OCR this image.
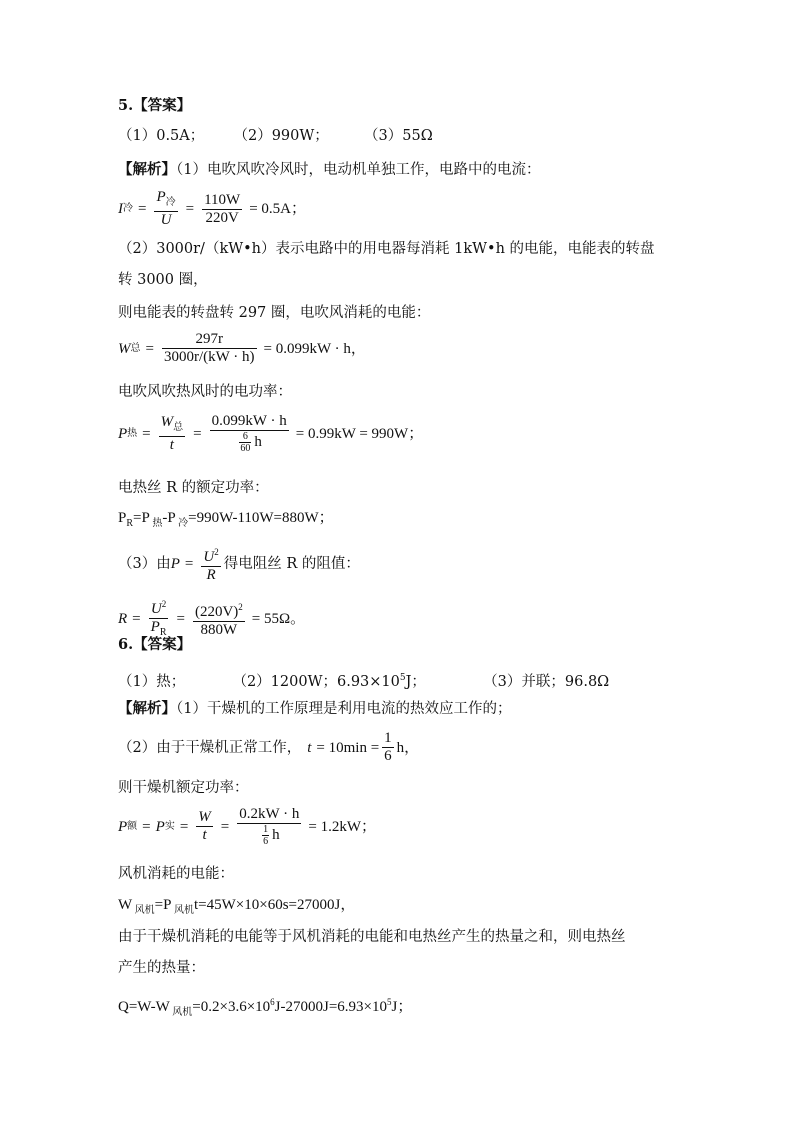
5.【答案】
（1）0.5A； （2）990W； （3）55Ω
【解析】（1）电吹风吹冷风时，电动机单独工作，电路中的电流：
I 冷 = $\frac{P_冷}{U} = \frac{110W}{220V} = 0.5A$；
（2）3000r/（kW•h）表示电路中的用电器每消耗 1kW•h 的电能，电能表的转盘
转 3000 圈，
则电能表的转盘转 297 圈，电吹风消耗的电能：
W 总 = $\frac{297r}{3000r/(kW \cdot h)} = 0.099kW \cdot h$，
电吹风吹热风时的电功率：
P 热 = $\frac{W_总}{t} = \frac{0.099kW \cdot h}{\frac{6}{60} h} = 0.99kW = 990W$；
电热丝 R 的额定功率：
$P_R=P$ $_热$-P $_冷$=990W-110W=880W；
（3）由 $P = \frac{U^2}{R}$ 得电阻丝 R 的阻值：
$R = \frac{U^2}{P_R} = \frac{(220V)^2}{880W} = 55\Omega$。
6.【答案】
（1）热；	（2）1200W；$6.93\times 10^5J$；	（3）并联；96.8Ω
【解析】（1）干燥机的工作原理是利用电流的热效应工作的；
（2）由于干燥机正常工作， $t = 10\min = \frac{1}{6}$ h，
则干燥机额定功率：
P 额 = P 实 = $\frac{W}{t} = \frac{0.2kW \cdot h}{\frac{1}{6} h} = 1.2kW$；
风机消耗的电能：
W $_{风机}$=P $_{风机}$t=45W×10×60s=27000J，
由于干燥机消耗的电能等于风机消耗的电能和电热丝产生的热量之和，则电热丝
产生的热量：
Q=W-W $_{风机}=0.2\times 3.6\times 10^6J-27000J=6.93\times 10^5J$；
